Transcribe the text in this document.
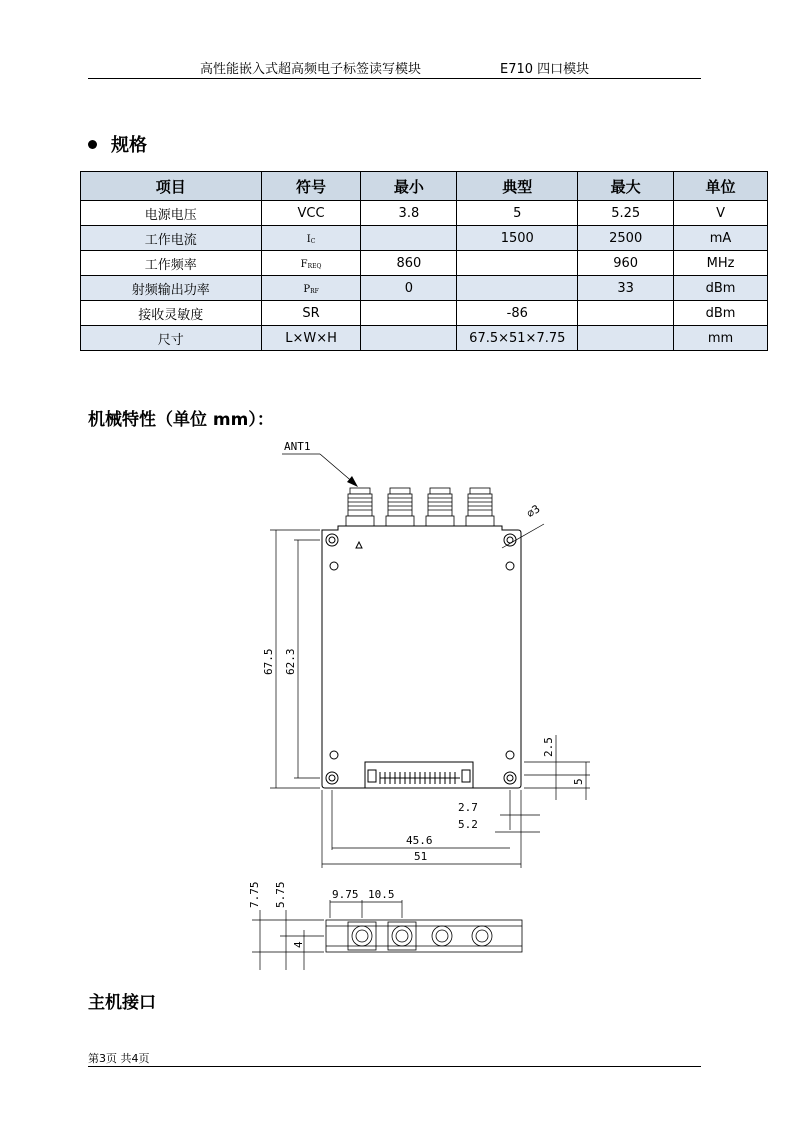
高性能嵌入式超高频电子标签读写模块	E710 四口模块
规格
项目	符号	最小	典型	最大	单位
电源电压	VCC	3.8	5	5.25	V
工作电流	$I_C$		1500	2500	mA
工作频率	$F_{REQ}$	860		960	MHz
射频输出功率	$P_{RF}$	0		33	dBm
接收灵敏度	SR		-86		dBm
尺寸	L×W×H		67.5×51×7.75		mm
机械特性（单位 mm）：
ANT1
∅3
67.5 62.3
2.5
5
2.7
5.2
45.6
51
7.75 5.75	9.75 10.5
4
主机接口
第3页 共4页
